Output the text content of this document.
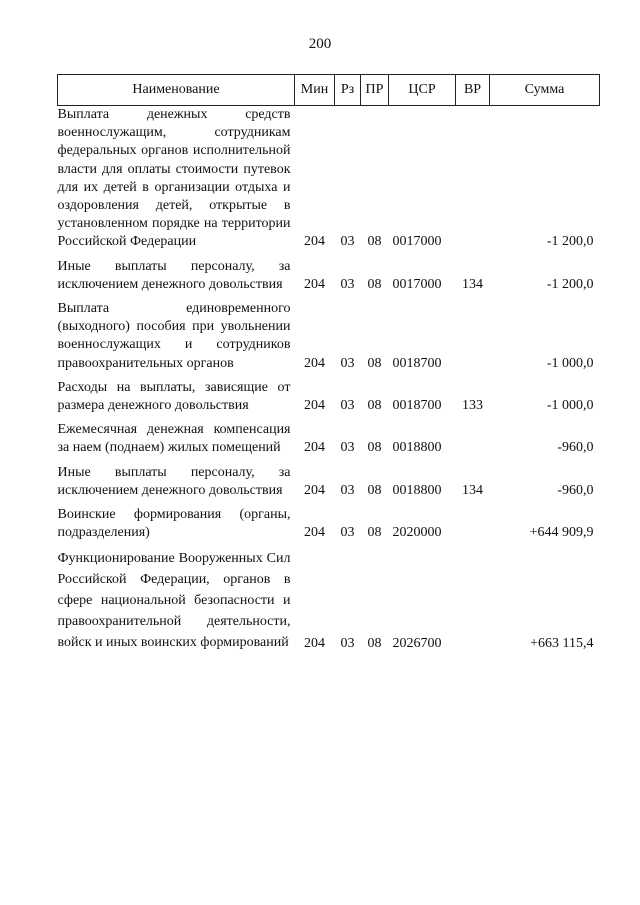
200
Наименование	Мин	Рз	ПР	ЦСР	ВР	Сумма

Выплата денежных средств военнослужащим, сотрудникам федеральных органов исполнительной власти для оплаты стоимости путевок для их детей в организации отдыха и оздоровления детей, открытые в установленном порядке на территории Российской Федерации	204	03	08	0017000		-1 200,0

Иные выплаты персоналу, за исключением денежного довольствия	204	03	08	0017000	134	-1 200,0

Выплата единовременного (выходного) пособия при увольнении военнослужащих и сотрудников правоохранительных органов	204	03	08	0018700		-1 000,0

Расходы на выплаты, зависящие от размера денежного довольствия	204	03	08	0018700	133	-1 000,0

Ежемесячная денежная компенсация за наем (поднаем) жилых помещений	204	03	08	0018800		-960,0

Иные выплаты персоналу, за исключением денежного довольствия	204	03	08	0018800	134	-960,0

Воинские формирования (органы, подразделения)	204	03	08	2020000		+644 909,9

Функционирование Вооруженных Сил Российской Федерации, органов в сфере национальной безопасности и правоохранительной деятельности, войск и иных воинских формирований	204	03	08	2026700		+663 115,4
